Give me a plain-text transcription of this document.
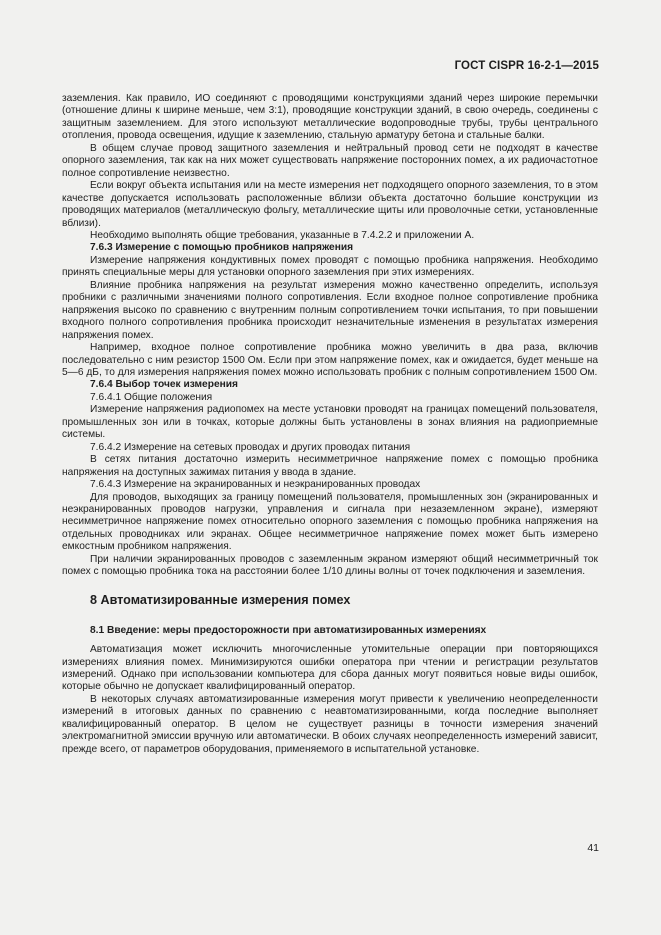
ГОСТ CISPR 16-2-1—2015

заземления. Как правило, ИО соединяют с проводящими конструкциями зданий через широкие перемычки (отношение длины к ширине меньше, чем 3:1), проводящие конструкции зданий, в свою очередь, соединены с защитным заземлением. Для этого используют металлические водопроводные трубы, трубы центрального отопления, провода освещения, идущие к заземлению, стальную арматуру бетона и стальные балки.

В общем случае провод защитного заземления и нейтральный провод сети не подходят в качестве опорного заземления, так как на них может существовать напряжение посторонних помех, а их радиочастотное полное сопротивление неизвестно.

Если вокруг объекта испытания или на месте измерения нет подходящего опорного заземления, то в этом качестве допускается использовать расположенные вблизи объекта достаточно большие конструкции из проводящих материалов (металлическую фольгу, металлические щиты или проволочные сетки, установленные вблизи).

Необходимо выполнять общие требования, указанные в 7.4.2.2 и приложении А.

7.6.3 Измерение с помощью пробников напряжения

Измерение напряжения кондуктивных помех проводят с помощью пробника напряжения. Необходимо принять специальные меры для установки опорного заземления при этих измерениях.

Влияние пробника напряжения на результат измерения можно качественно определить, используя пробники с различными значениями полного сопротивления. Если входное полное сопротивление пробника напряжения высоко по сравнению с внутренним полным сопротивлением точки испытания, то при повышении входного полного сопротивления пробника происходит незначительные изменения в результатах измерения напряжения помех.

Например, входное полное сопротивление пробника можно увеличить в два раза, включив последовательно с ним резистор 1500 Ом. Если при этом напряжение помех, как и ожидается, будет меньше на 5—6 дБ, то для измерения напряжения помех можно использовать пробник с полным сопротивлением 1500 Ом.

7.6.4 Выбор точек измерения

7.6.4.1 Общие положения

Измерение напряжения радиопомех на месте установки проводят на границах помещений пользователя, промышленных зон или в точках, которые должны быть установлены в зонах влияния на радиоприемные системы.

7.6.4.2 Измерение на сетевых проводах и других проводах питания

В сетях питания достаточно измерить несимметричное напряжение помех с помощью пробника напряжения на доступных зажимах питания у ввода в здание.

7.6.4.3 Измерение на экранированных и неэкранированных проводах

Для проводов, выходящих за границу помещений пользователя, промышленных зон (экранированных и неэкранированных проводов нагрузки, управления и сигнала при незаземленном экране), измеряют несимметричное напряжение помех относительно опорного заземления с помощью пробника напряжения на отдельных проводниках или экранах. Общее несимметричное напряжение помех может быть измерено емкостным пробником напряжения.

При наличии экранированных проводов с заземленным экраном измеряют общий несимметричный ток помех с помощью пробника тока на расстоянии более 1/10 длины волны от точек подключения и заземления.

8 Автоматизированные измерения помех

8.1 Введение: меры предосторожности при автоматизированных измерениях

Автоматизация может исключить многочисленные утомительные операции при повторяющихся измерениях влияния помех. Минимизируются ошибки оператора при чтении и регистрации результатов измерений. Однако при использовании компьютера для сбора данных могут появиться новые виды ошибок, которые обычно не допускает квалифицированный оператор.

В некоторых случаях автоматизированные измерения могут привести к увеличению неопределенности измерений в итоговых данных по сравнению с неавтоматизированными, когда последние выполняет квалифицированный оператор. В целом не существует разницы в точности измерения значений электромагнитной эмиссии вручную или автоматически. В обоих случаях неопределенность измерений зависит, прежде всего, от параметров оборудования, применяемого в испытательной установке.

41
